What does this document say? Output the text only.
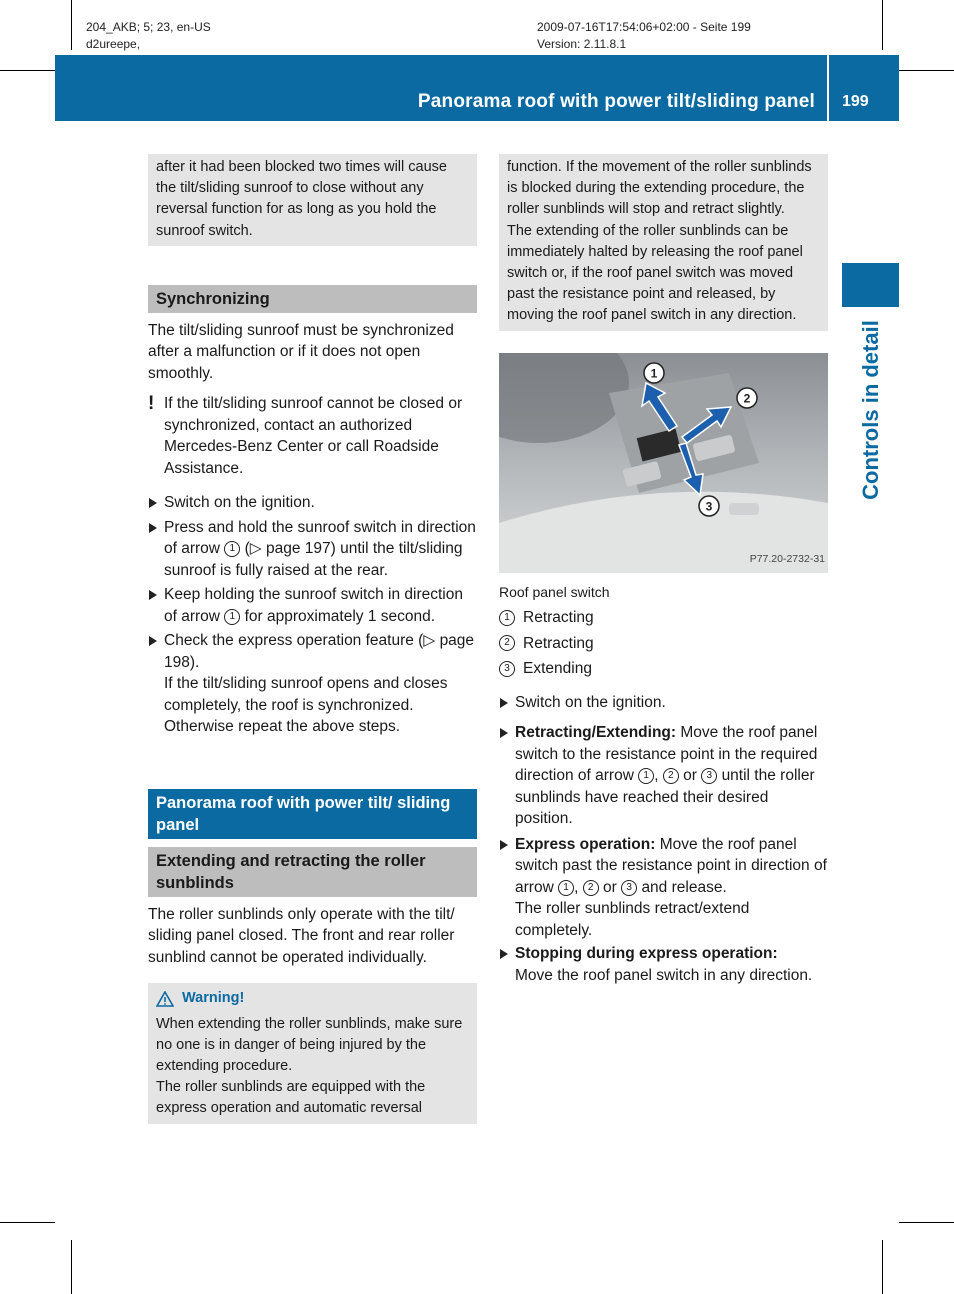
204_AKB; 5; 23, en-US
d2ureepe,
2009-07-16T17:54:06+02:00 - Seite 199
Version: 2.11.8.1
Panorama roof with power tilt/sliding panel 199
Controls in detail

after it had been blocked two times will cause the tilt/sliding sunroof to close without any reversal function for as long as you hold the sunroof switch.

Synchronizing

The tilt/sliding sunroof must be synchronized after a malfunction or if it does not open smoothly.

! If the tilt/sliding sunroof cannot be closed or synchronized, contact an authorized Mercedes-Benz Center or call Roadside Assistance.
Switch on the ignition.
Press and hold the sunroof switch in direction of arrow 1 (▷ page 197) until the tilt/sliding sunroof is fully raised at the rear.
Keep holding the sunroof switch in direction of arrow 1 for approximately 1 second.
Check the express operation feature (▷ page 198).
If the tilt/sliding sunroof opens and closes completely, the roof is synchronized. Otherwise repeat the above steps.
Panorama roof with power tilt/ sliding panel
Extending and retracting the roller sunblinds

The roller sunblinds only operate with the tilt/ sliding panel closed. The front and rear roller sunblind cannot be operated individually.

Warning!

When extending the roller sunblinds, make sure no one is in danger of being injured by the extending procedure.

The roller sunblinds are equipped with the express operation and automatic reversal

function. If the movement of the roller sunblinds is blocked during the extending procedure, the roller sunblinds will stop and retract slightly.

The extending of the roller sunblinds can be immediately halted by releasing the roof panel switch or, if the roof panel switch was moved past the resistance point and released, by moving the roof panel switch in any direction.

1
2
3
P77.20-2732-31
Roof panel switch
1 Retracting
2 Retracting
3 Extending
Switch on the ignition.
Retracting/Extending: Move the roof panel switch to the resistance point in the required direction of arrow 1 , 2 or 3 until the roller sunblinds have reached their desired position.
Express operation: Move the roof panel switch past the resistance point in direction of arrow 1 , 2 or 3 and release.
The roller sunblinds retract/extend completely.
Stopping during express operation:
Move the roof panel switch in any direction.
